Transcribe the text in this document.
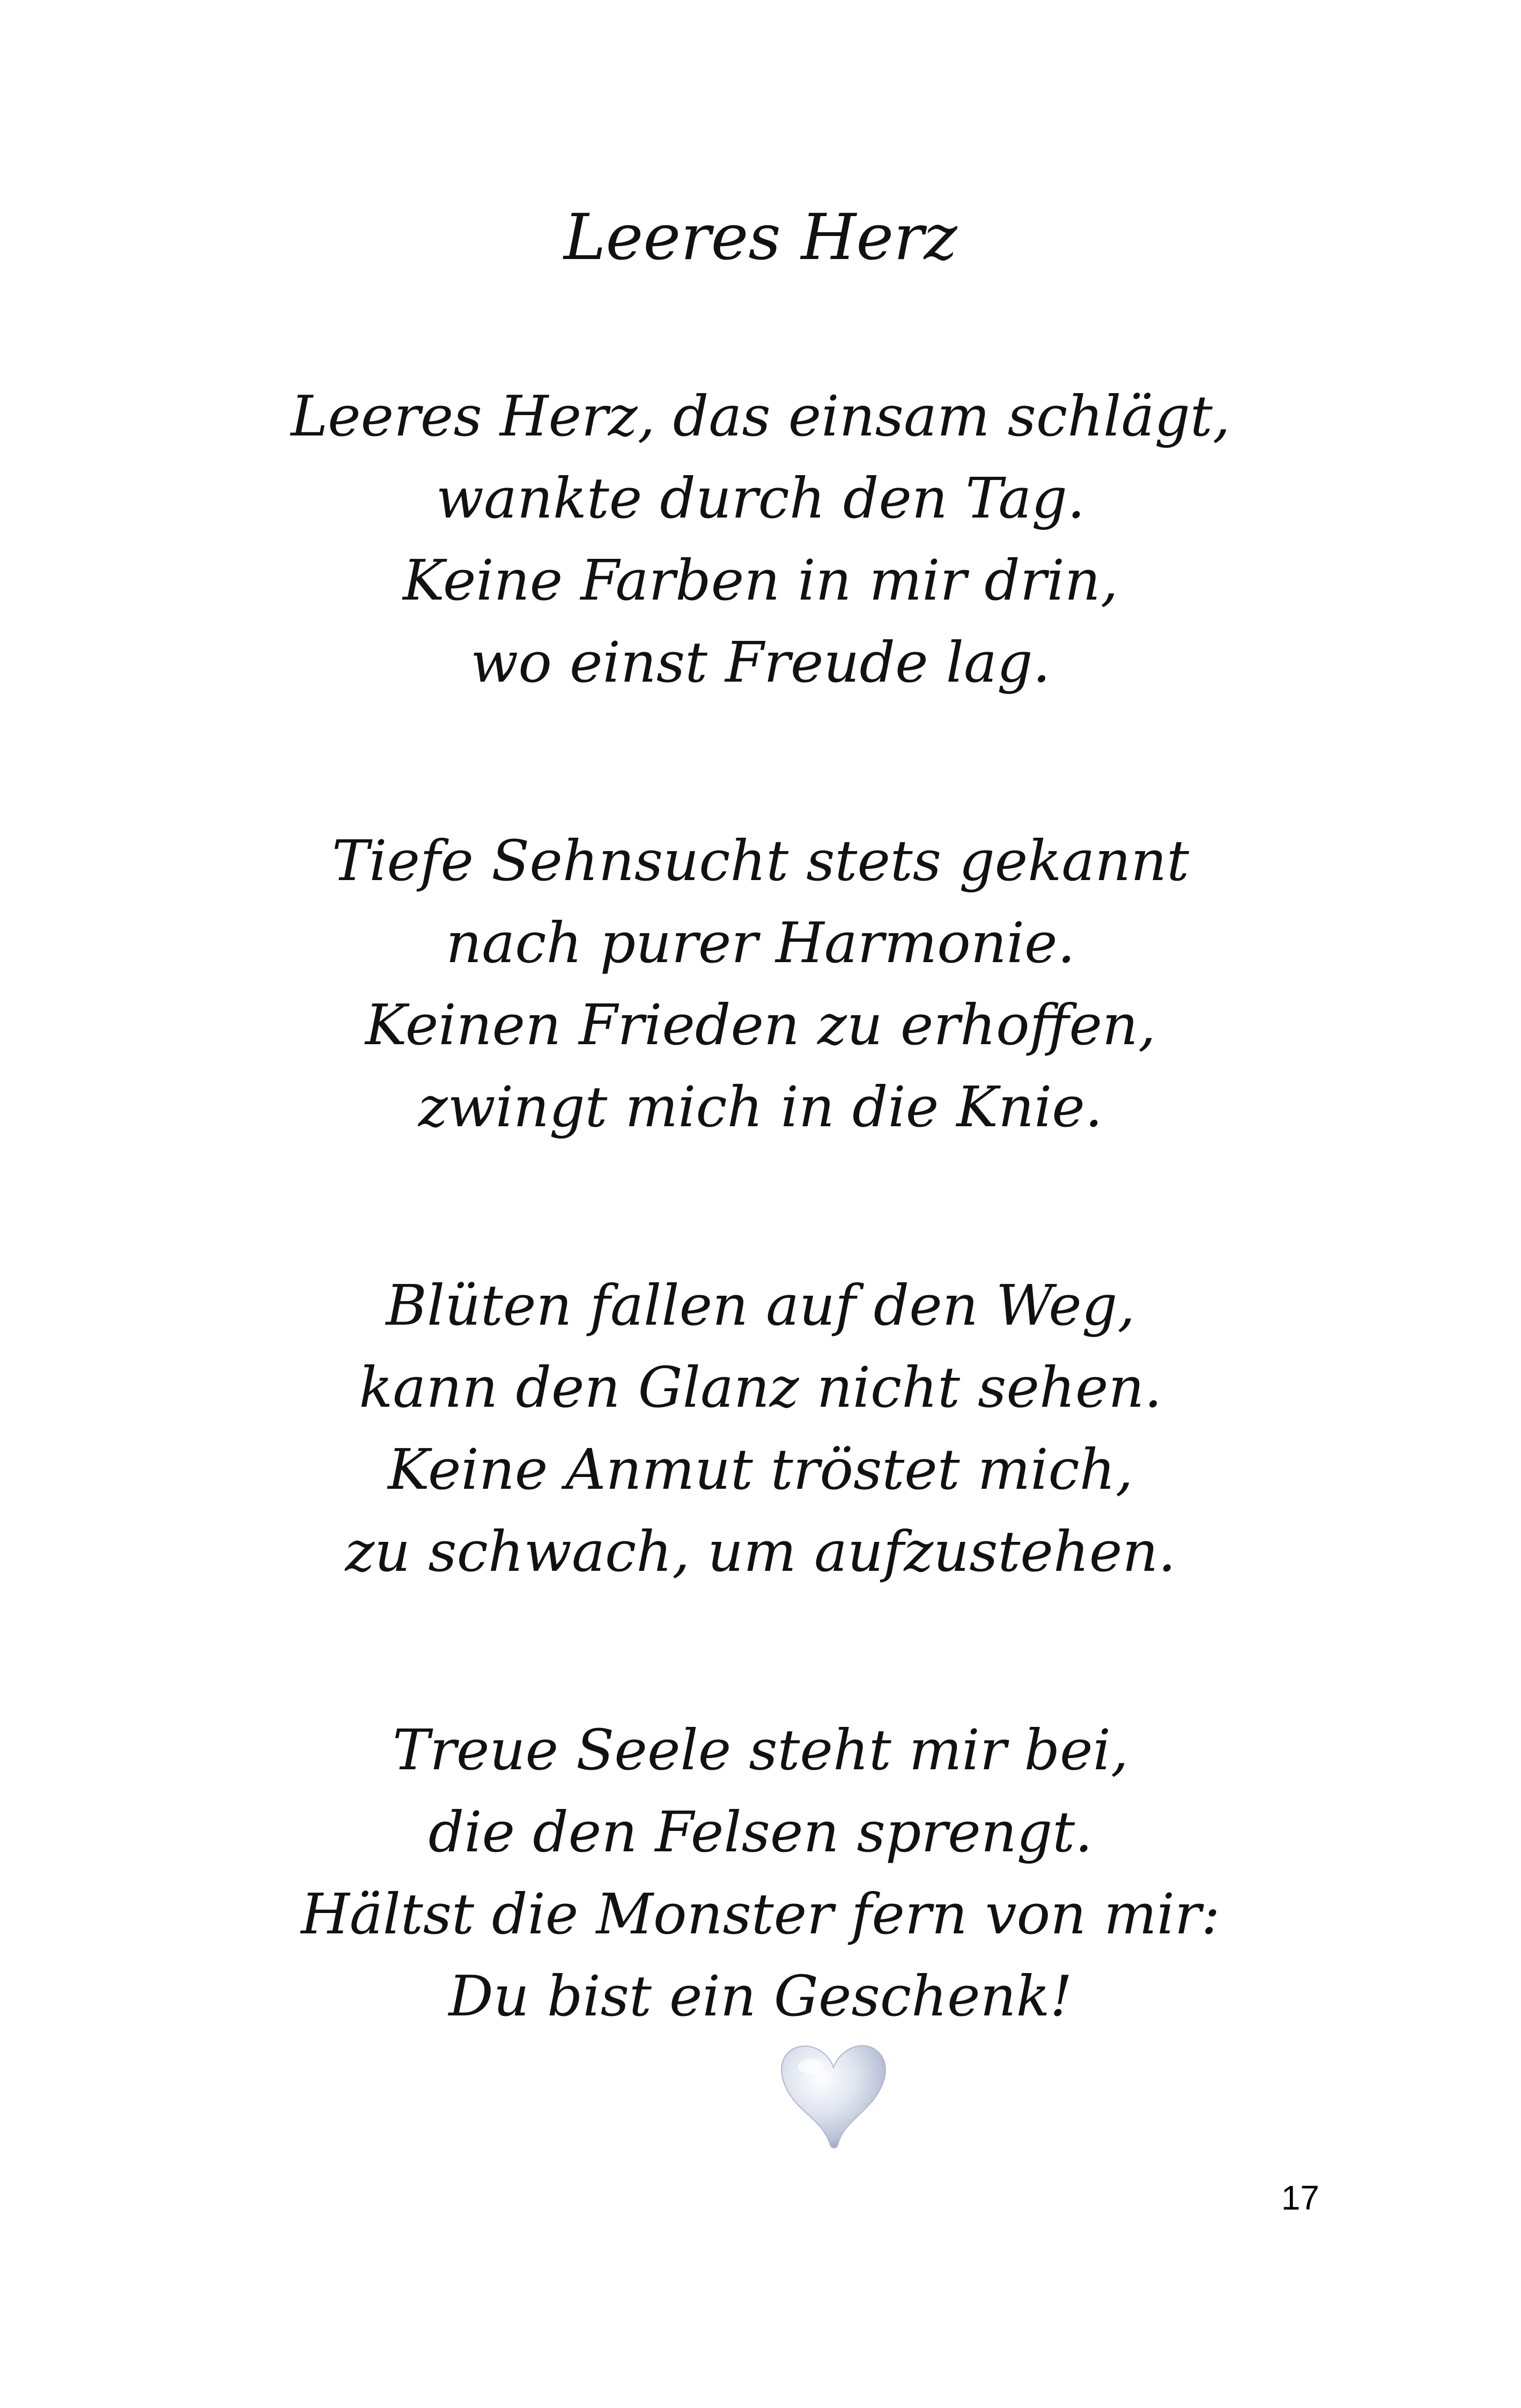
Leeres Herz
Leeres Herz, das einsam schlägt,
wankte durch den Tag.
Keine Farben in mir drin,
wo einst Freude lag.
Tiefe Sehnsucht stets gekannt
nach purer Harmonie.
Keinen Frieden zu erhoffen,
zwingt mich in die Knie.
Blüten fallen auf den Weg,
kann den Glanz nicht sehen.
Keine Anmut tröstet mich,
zu schwach, um aufzustehen.
Treue Seele steht mir bei,
die den Felsen sprengt.
Hältst die Monster fern von mir:
Du bist ein Geschenk!
17
